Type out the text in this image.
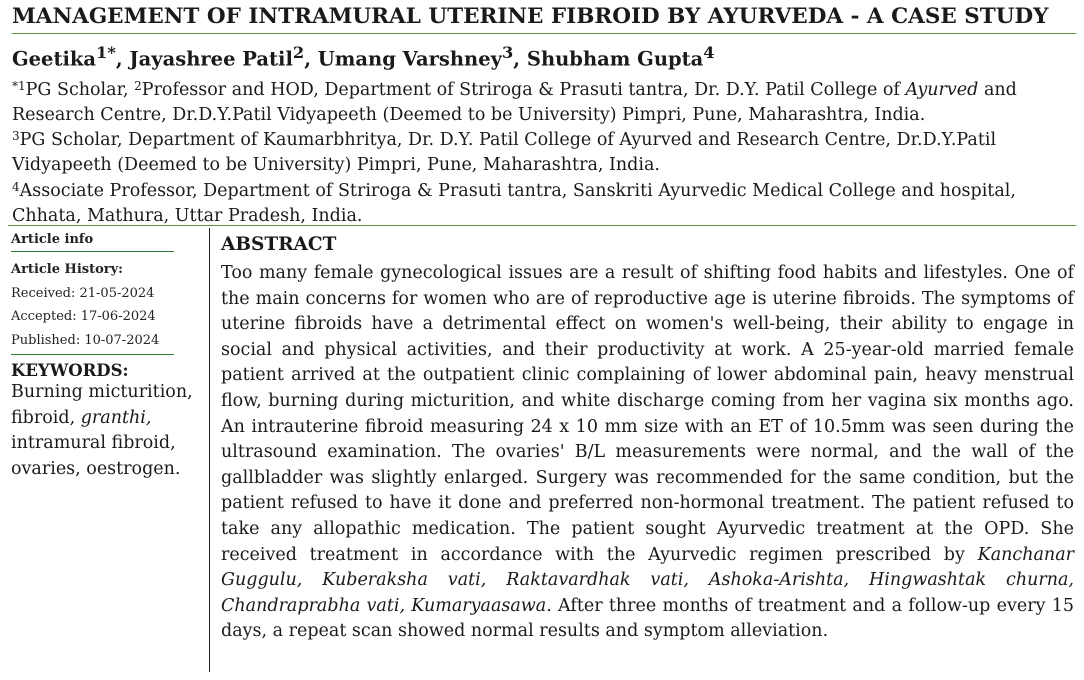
MANAGEMENT OF INTRAMURAL UTERINE FIBROID BY AYURVEDA - A CASE STUDY
Geetika$^{1*}$, Jayashree Patil$^2$, Umang Varshney$^3$, Shubham Gupta$^4$
$^{*1}$PG Scholar, $^2$Professor and HOD, Department of Striroga & Prasuti tantra, Dr. D.Y. Patil College of Ayurved and Research Centre, Dr.D.Y.Patil Vidyapeeth (Deemed to be University) Pimpri, Pune, Maharashtra, India.
$^3$PG Scholar, Department of Kaumarbhritya, Dr. D.Y. Patil College of Ayurved and Research Centre, Dr.D.Y.Patil Vidyapeeth (Deemed to be University) Pimpri, Pune, Maharashtra, India.
$^4$Associate Professor, Department of Striroga & Prasuti tantra, Sanskriti Ayurvedic Medical College and hospital, Chhata, Mathura, Uttar Pradesh, India.
Article info
Article History:
Received: 21-05-2024
Accepted: 17-06-2024
Published: 10-07-2024
KEYWORDS:
Burning micturition, fibroid, granthi, intramural fibroid, ovaries, oestrogen.
ABSTRACT
Too many female gynecological issues are a result of shifting food habits and lifestyles. One of the main concerns for women who are of reproductive age is uterine fibroids. The symptoms of uterine fibroids have a detrimental effect on women's well-being, their ability to engage in social and physical activities, and their productivity at work. A 25-year-old married female patient arrived at the outpatient clinic complaining of lower abdominal pain, heavy menstrual flow, burning during micturition, and white discharge coming from her vagina six months ago. An intrauterine fibroid measuring 24 x 10 mm size with an ET of 10.5mm was seen during the ultrasound examination. The ovaries' B/L measurements were normal, and the wall of the gallbladder was slightly enlarged. Surgery was recommended for the same condition, but the patient refused to have it done and preferred non-hormonal treatment. The patient refused to take any allopathic medication. The patient sought Ayurvedic treatment at the OPD. She received treatment in accordance with the Ayurvedic regimen prescribed by Kanchanar Guggulu, Kuberaksha vati, Raktavardhak vati, Ashoka-Arishta, Hingwashtak churna, Chandraprabha vati, Kumaryaasawa. After three months of treatment and a follow-up every 15 days, a repeat scan showed normal results and symptom alleviation.
